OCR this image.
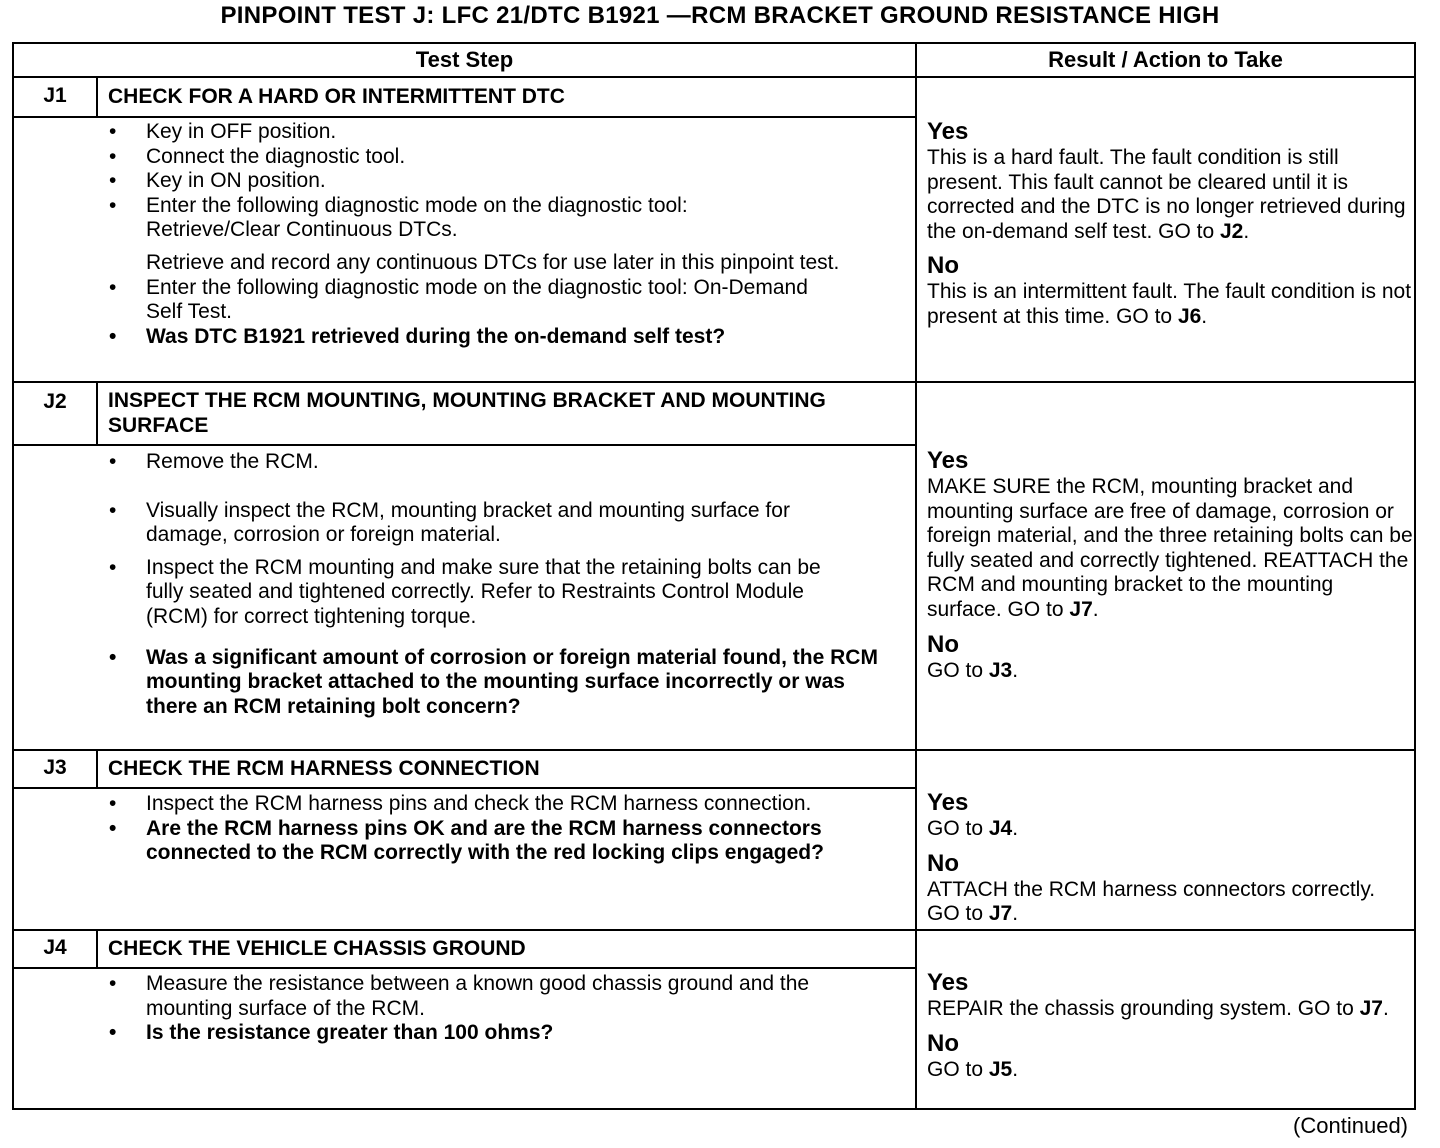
PINPOINT TEST J: LFC 21/DTC B1921 —RCM BRACKET GROUND RESISTANCE HIGH
Test Step	Result / Action to Take
J1	CHECK FOR A HARD OR INTERMITTENT DTC
• Key in OFF position.
• Connect the diagnostic tool.
• Key in ON position.
• Enter the following diagnostic mode on the diagnostic tool: Retrieve/Clear Continuous DTCs.
Retrieve and record any continuous DTCs for use later in this pinpoint test.
• Enter the following diagnostic mode on the diagnostic tool: On-Demand Self Test.
• Was DTC B1921 retrieved during the on-demand self test?
Yes
This is a hard fault. The fault condition is still present. This fault cannot be cleared until it is corrected and the DTC is no longer retrieved during the on-demand self test. GO to J2.
No
This is an intermittent fault. The fault condition is not present at this time. GO to J6.
J2	INSPECT THE RCM MOUNTING, MOUNTING BRACKET AND MOUNTING SURFACE
• Remove the RCM.
• Visually inspect the RCM, mounting bracket and mounting surface for damage, corrosion or foreign material.
• Inspect the RCM mounting and make sure that the retaining bolts can be fully seated and tightened correctly. Refer to Restraints Control Module (RCM) for correct tightening torque.
• Was a significant amount of corrosion or foreign material found, the RCM mounting bracket attached to the mounting surface incorrectly or was there an RCM retaining bolt concern?
Yes
MAKE SURE the RCM, mounting bracket and mounting surface are free of damage, corrosion or foreign material, and the three retaining bolts can be fully seated and correctly tightened. REATTACH the RCM and mounting bracket to the mounting surface. GO to J7.
No
GO to J3.
J3	CHECK THE RCM HARNESS CONNECTION
• Inspect the RCM harness pins and check the RCM harness connection.
• Are the RCM harness pins OK and are the RCM harness connectors connected to the RCM correctly with the red locking clips engaged?
Yes
GO to J4.
No
ATTACH the RCM harness connectors correctly. GO to J7.
J4	CHECK THE VEHICLE CHASSIS GROUND
• Measure the resistance between a known good chassis ground and the mounting surface of the RCM.
• Is the resistance greater than 100 ohms?
Yes
REPAIR the chassis grounding system. GO to J7.
No
GO to J5.
(Continued)
